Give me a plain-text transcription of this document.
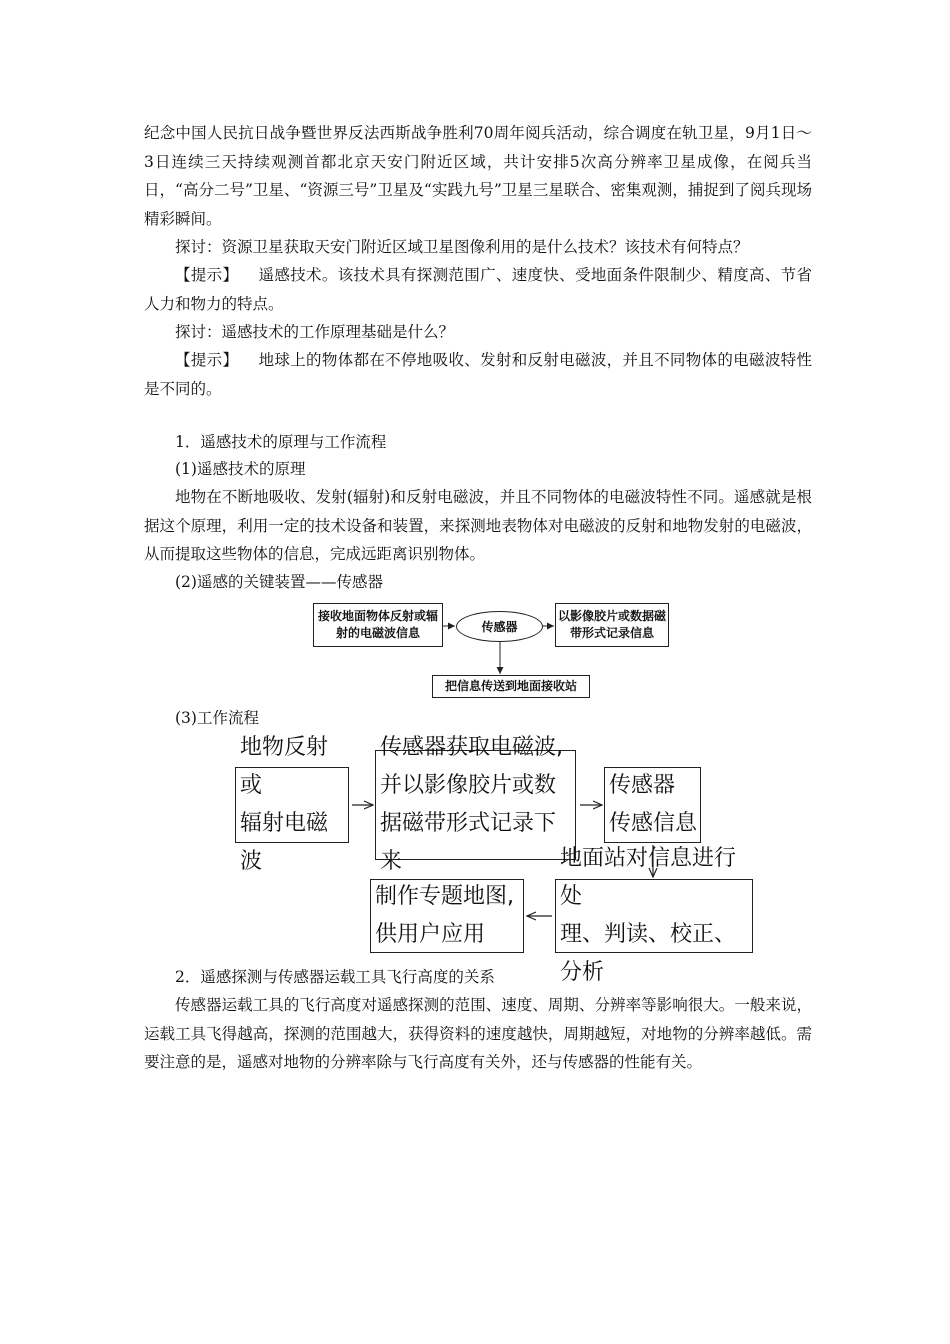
纪念中国人民抗日战争暨世界反法西斯战争胜利70周年阅兵活动，综合调度在轨卫星，9月1日～3日连续三天持续观测首都北京天安门附近区域，共计安排5次高分辨率卫星成像，在阅兵当日，“高分二号”卫星、“资源三号”卫星及“实践九号”卫星三星联合、密集观测，捕捉到了阅兵现场精彩瞬间。

探讨：资源卫星获取天安门附近区域卫星图像利用的是什么技术？该技术有何特点？

【提示】 遥感技术。该技术具有探测范围广、速度快、受地面条件限制少、精度高、节省人力和物力的特点。

探讨：遥感技术的工作原理基础是什么？

【提示】 地球上的物体都在不停地吸收、发射和反射电磁波，并且不同物体的电磁波特性是不同的。

1．遥感技术的原理与工作流程
(1)遥感技术的原理

地物在不断地吸收、发射(辐射)和反射电磁波，并且不同物体的电磁波特性不同。遥感就是根据这个原理，利用一定的技术设备和装置，来探测地表物体对电磁波的反射和地物发射的电磁波，从而提取这些物体的信息，完成远距离识别物体。

(2)遥感的关键装置——传感器
接收地面物体反射或辐射的电磁波信息	传感器
以影像胶片或数据磁带形式记录信息
把信息传送到地面接收站
(3)工作流程
地物反射或
辐射电磁波
传感器获取电磁波,
并以影像胶片或数
据磁带形式记录下来
传感器
传感信息
地面站对信息进行处
理、判读、校正、分析
制作专题地图,
供用户应用
2．遥感探测与传感器运载工具飞行高度的关系

传感器运载工具的飞行高度对遥感探测的范围、速度、周期、分辨率等影响很大。一般来说，运载工具飞得越高，探测的范围越大，获得资料的速度越快，周期越短，对地物的分辨率越低。需要注意的是，遥感对地物的分辨率除与飞行高度有关外，还与传感器的性能有关。
